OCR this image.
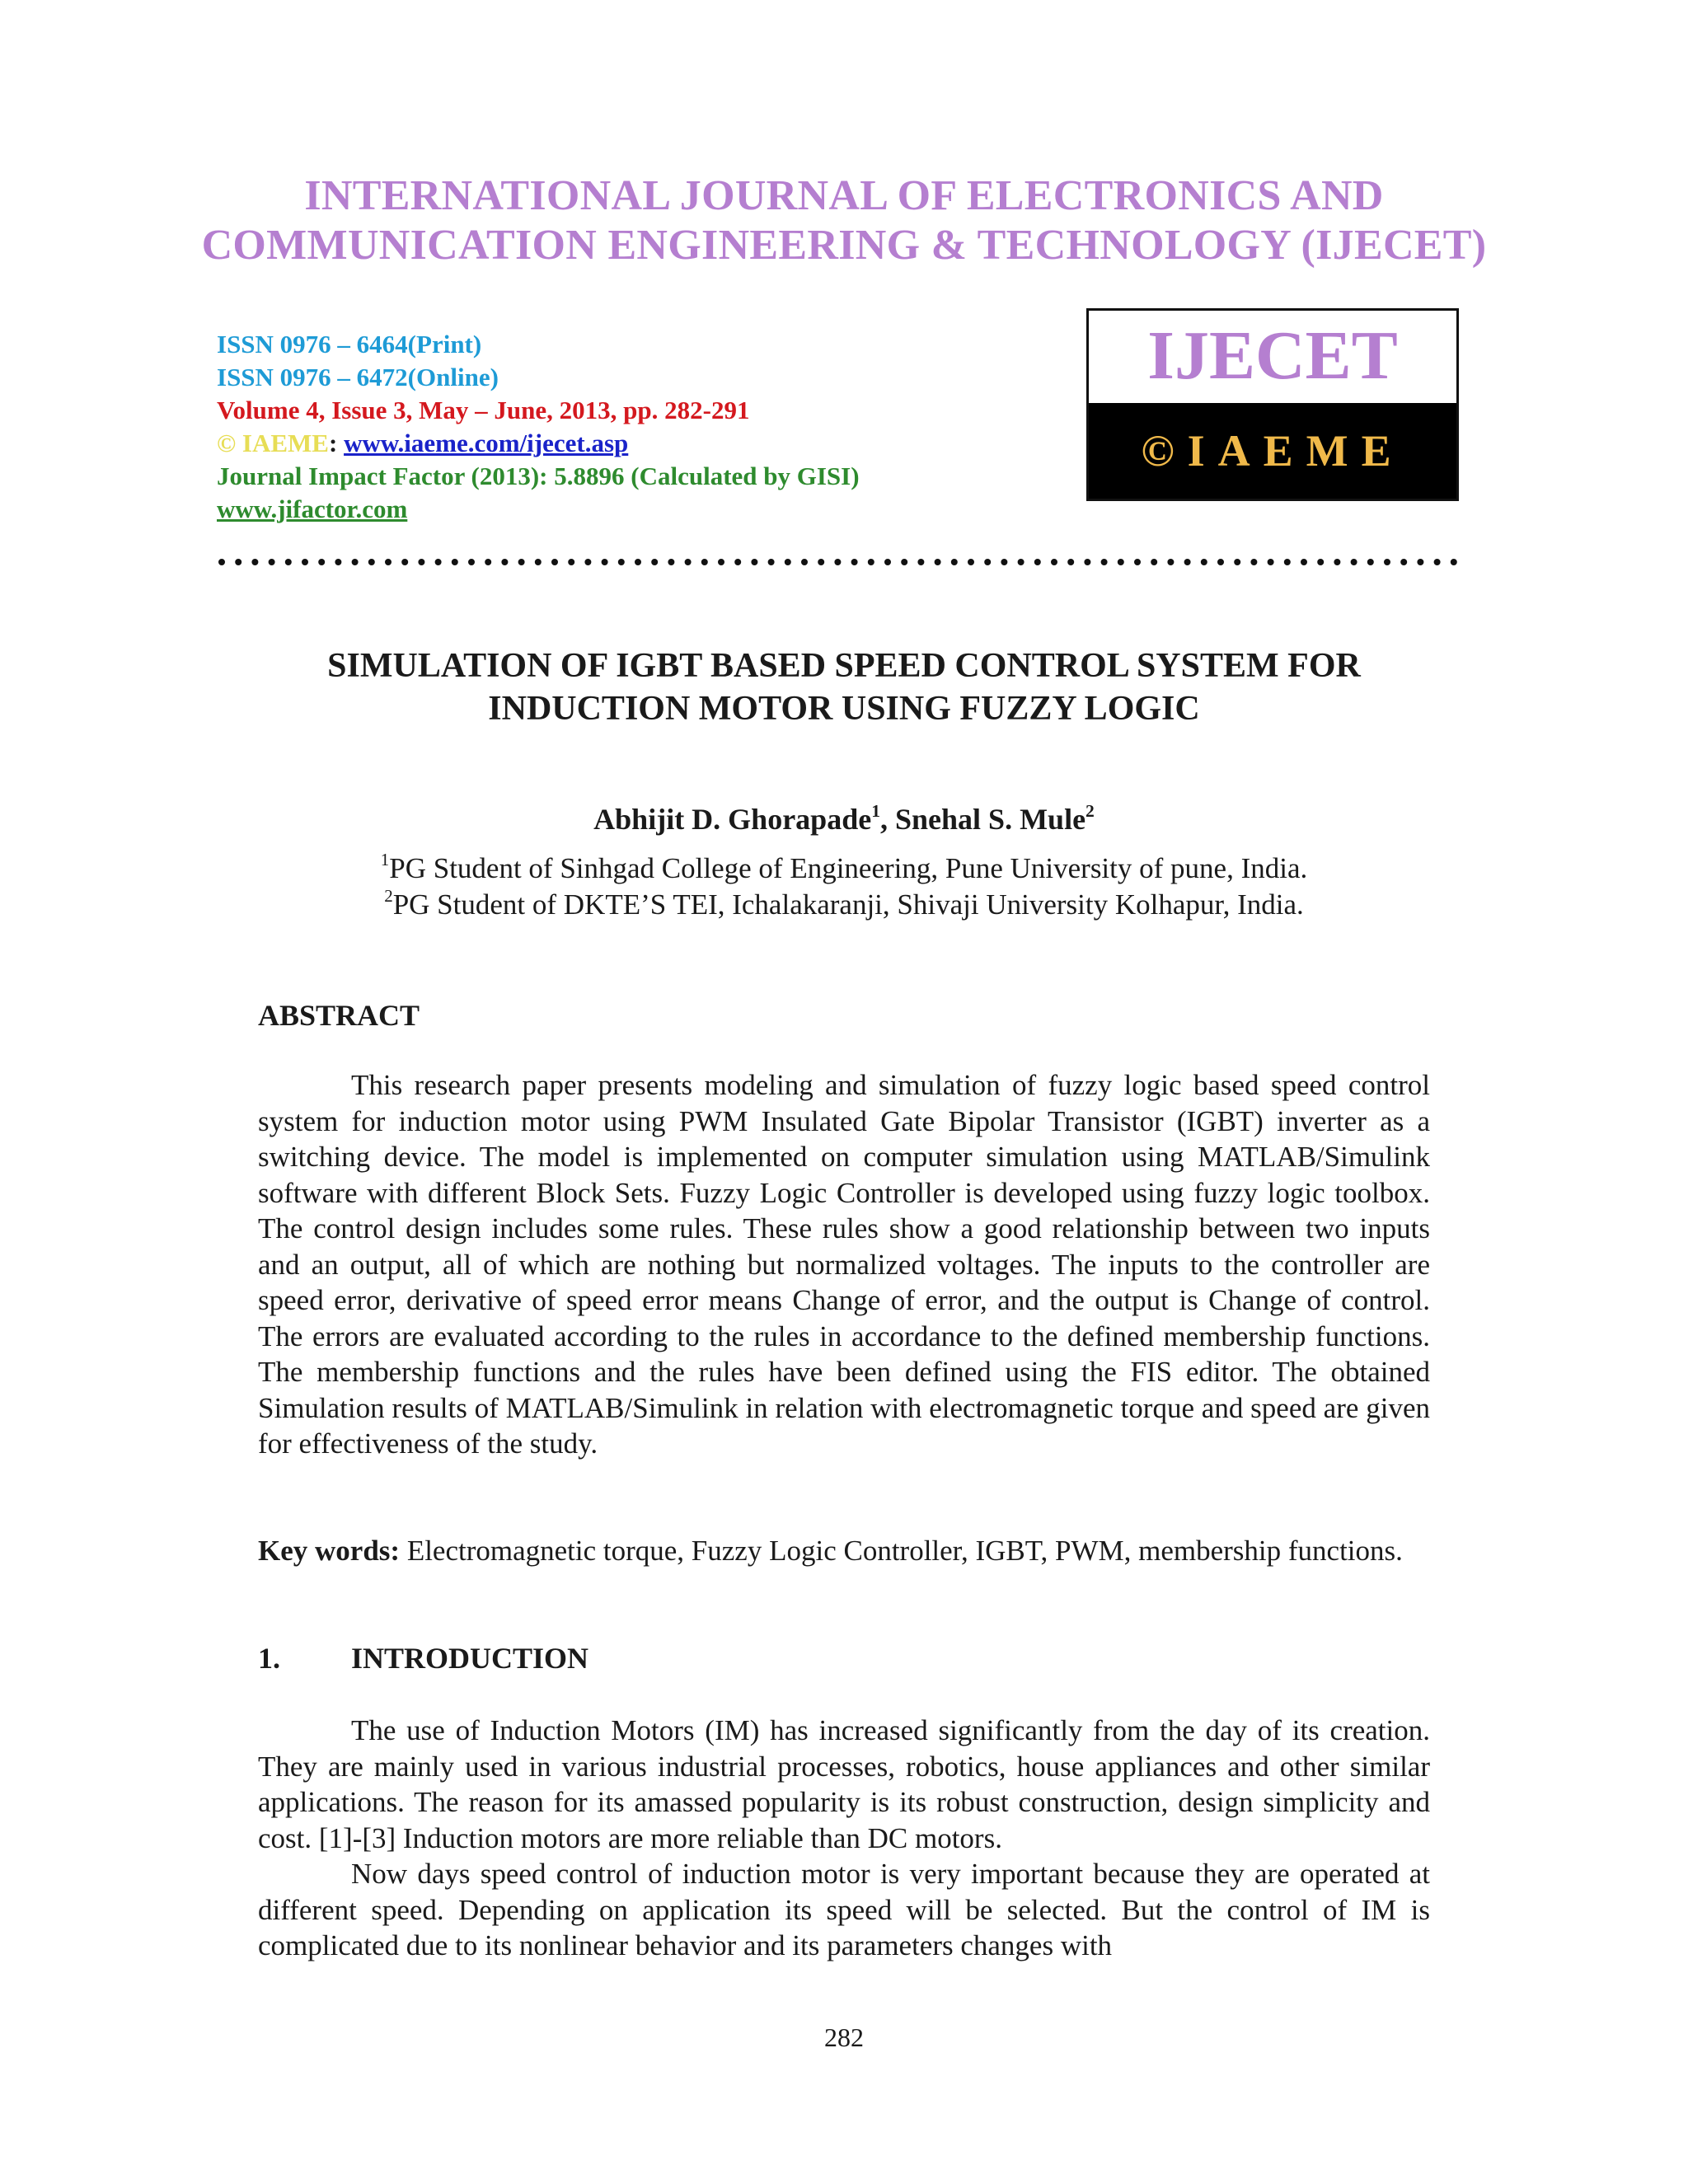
INTERNATIONAL JOURNAL OF ELECTRONICS AND
COMMUNICATION ENGINEERING & TECHNOLOGY (IJECET)
ISSN 0976 – 6464(Print)
ISSN 0976 – 6472(Online)
Volume 4, Issue 3, May – June, 2013, pp. 282-291
© IAEME: www.iaeme.com/ijecet.asp
Journal Impact Factor (2013): 5.8896 (Calculated by GISI)
www.jifactor.com
IJECET
©IAEME
SIMULATION OF IGBT BASED SPEED CONTROL SYSTEM FOR
INDUCTION MOTOR USING FUZZY LOGIC
Abhijit D. Ghorapade$^1$, Snehal S. Mule$^2$
$^1$PG Student of Sinhgad College of Engineering, Pune University of pune, India.
$^2$PG Student of DKTE’S TEI, Ichalakaranji, Shivaji University Kolhapur, India.
ABSTRACT

This research paper presents modeling and simulation of fuzzy logic based speed control system for induction motor using PWM Insulated Gate Bipolar Transistor (IGBT) inverter as a switching device. The model is implemented on computer simulation using MATLAB/Simulink software with different Block Sets. Fuzzy Logic Controller is developed using fuzzy logic toolbox. The control design includes some rules. These rules show a good relationship between two inputs and an output, all of which are nothing but normalized voltages. The inputs to the controller are speed error, derivative of speed error means Change of error, and the output is Change of control. The errors are evaluated according to the rules in accordance to the defined membership functions. The membership functions and the rules have been defined using the FIS editor. The obtained Simulation results of MATLAB/Simulink in relation with electromagnetic torque and speed are given for effectiveness of the study.

Key words: Electromagnetic torque, Fuzzy Logic Controller, IGBT, PWM, membership functions.

1. INTRODUCTION

The use of Induction Motors (IM) has increased significantly from the day of its creation. They are mainly used in various industrial processes, robotics, house appliances and other similar applications. The reason for its amassed popularity is its robust construction, design simplicity and cost. [1]-[3] Induction motors are more reliable than DC motors.

Now days speed control of induction motor is very important because they are operated at different speed. Depending on application its speed will be selected. But the control of IM is complicated due to its nonlinear behavior and its parameters changes with

282
